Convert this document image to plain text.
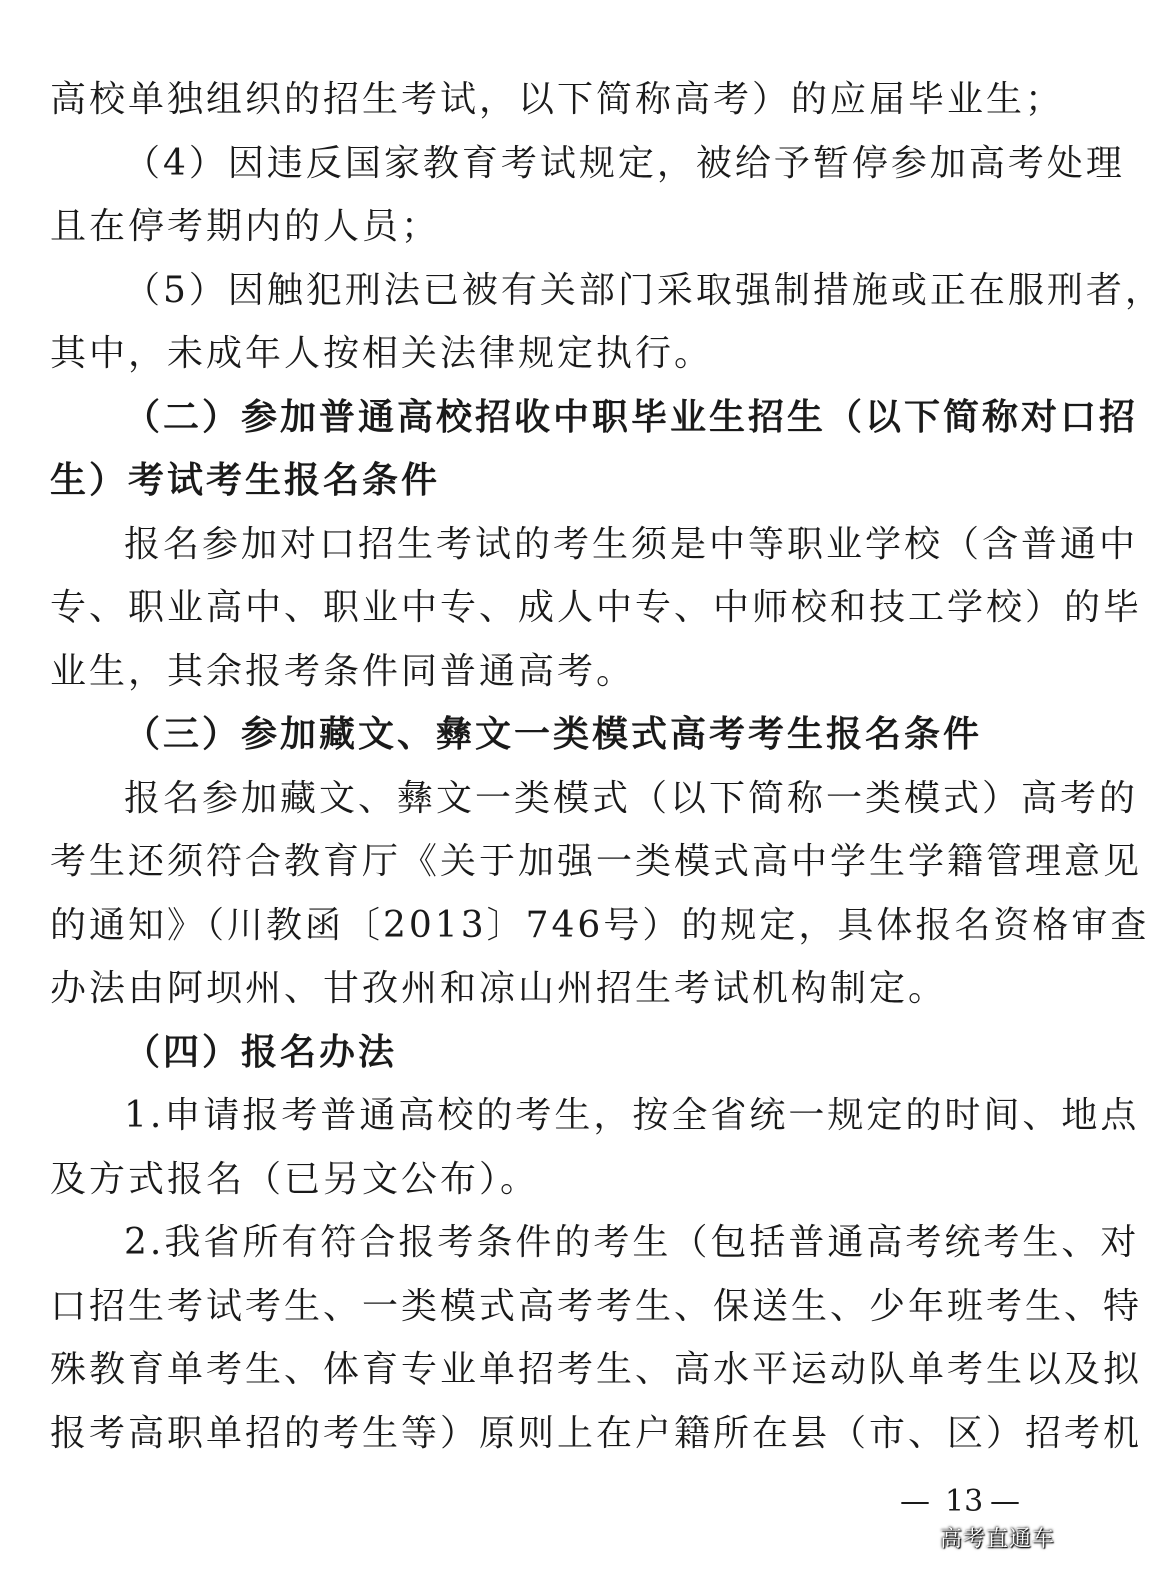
高校单独组织的招生考试，以下简称高考）的应届毕业生；
（4）因违反国家教育考试规定，被给予暂停参加高考处理
且在停考期内的人员；
（5）因触犯刑法已被有关部门采取强制措施或正在服刑者，
其中，未成年人按相关法律规定执行。
（二）参加普通高校招收中职毕业生招生（以下简称对口招
生）考试考生报名条件
报名参加对口招生考试的考生须是中等职业学校（含普通中
专、职业高中、职业中专、成人中专、中师校和技工学校）的毕
业生，其余报考条件同普通高考。
（三）参加藏文、彝文一类模式高考考生报名条件
报名参加藏文、彝文一类模式（以下简称一类模式）高考的
考生还须符合教育厅《关于加强一类模式高中学生学籍管理意见
的通知》（川教函〔2013〕746号）的规定，具体报名资格审查
办法由阿坝州、甘孜州和凉山州招生考试机构制定。
（四）报名办法
1.申请报考普通高校的考生，按全省统一规定的时间、地点
及方式报名（已另文公布）。
2.我省所有符合报考条件的考生（包括普通高考统考生、对
口招生考试考生、一类模式高考考生、保送生、少年班考生、特
殊教育单考生、体育专业单招考生、高水平运动队单考生以及拟
报考高职单招的考生等）原则上在户籍所在县（市、区）招考机
— 13 —
高考直通车
